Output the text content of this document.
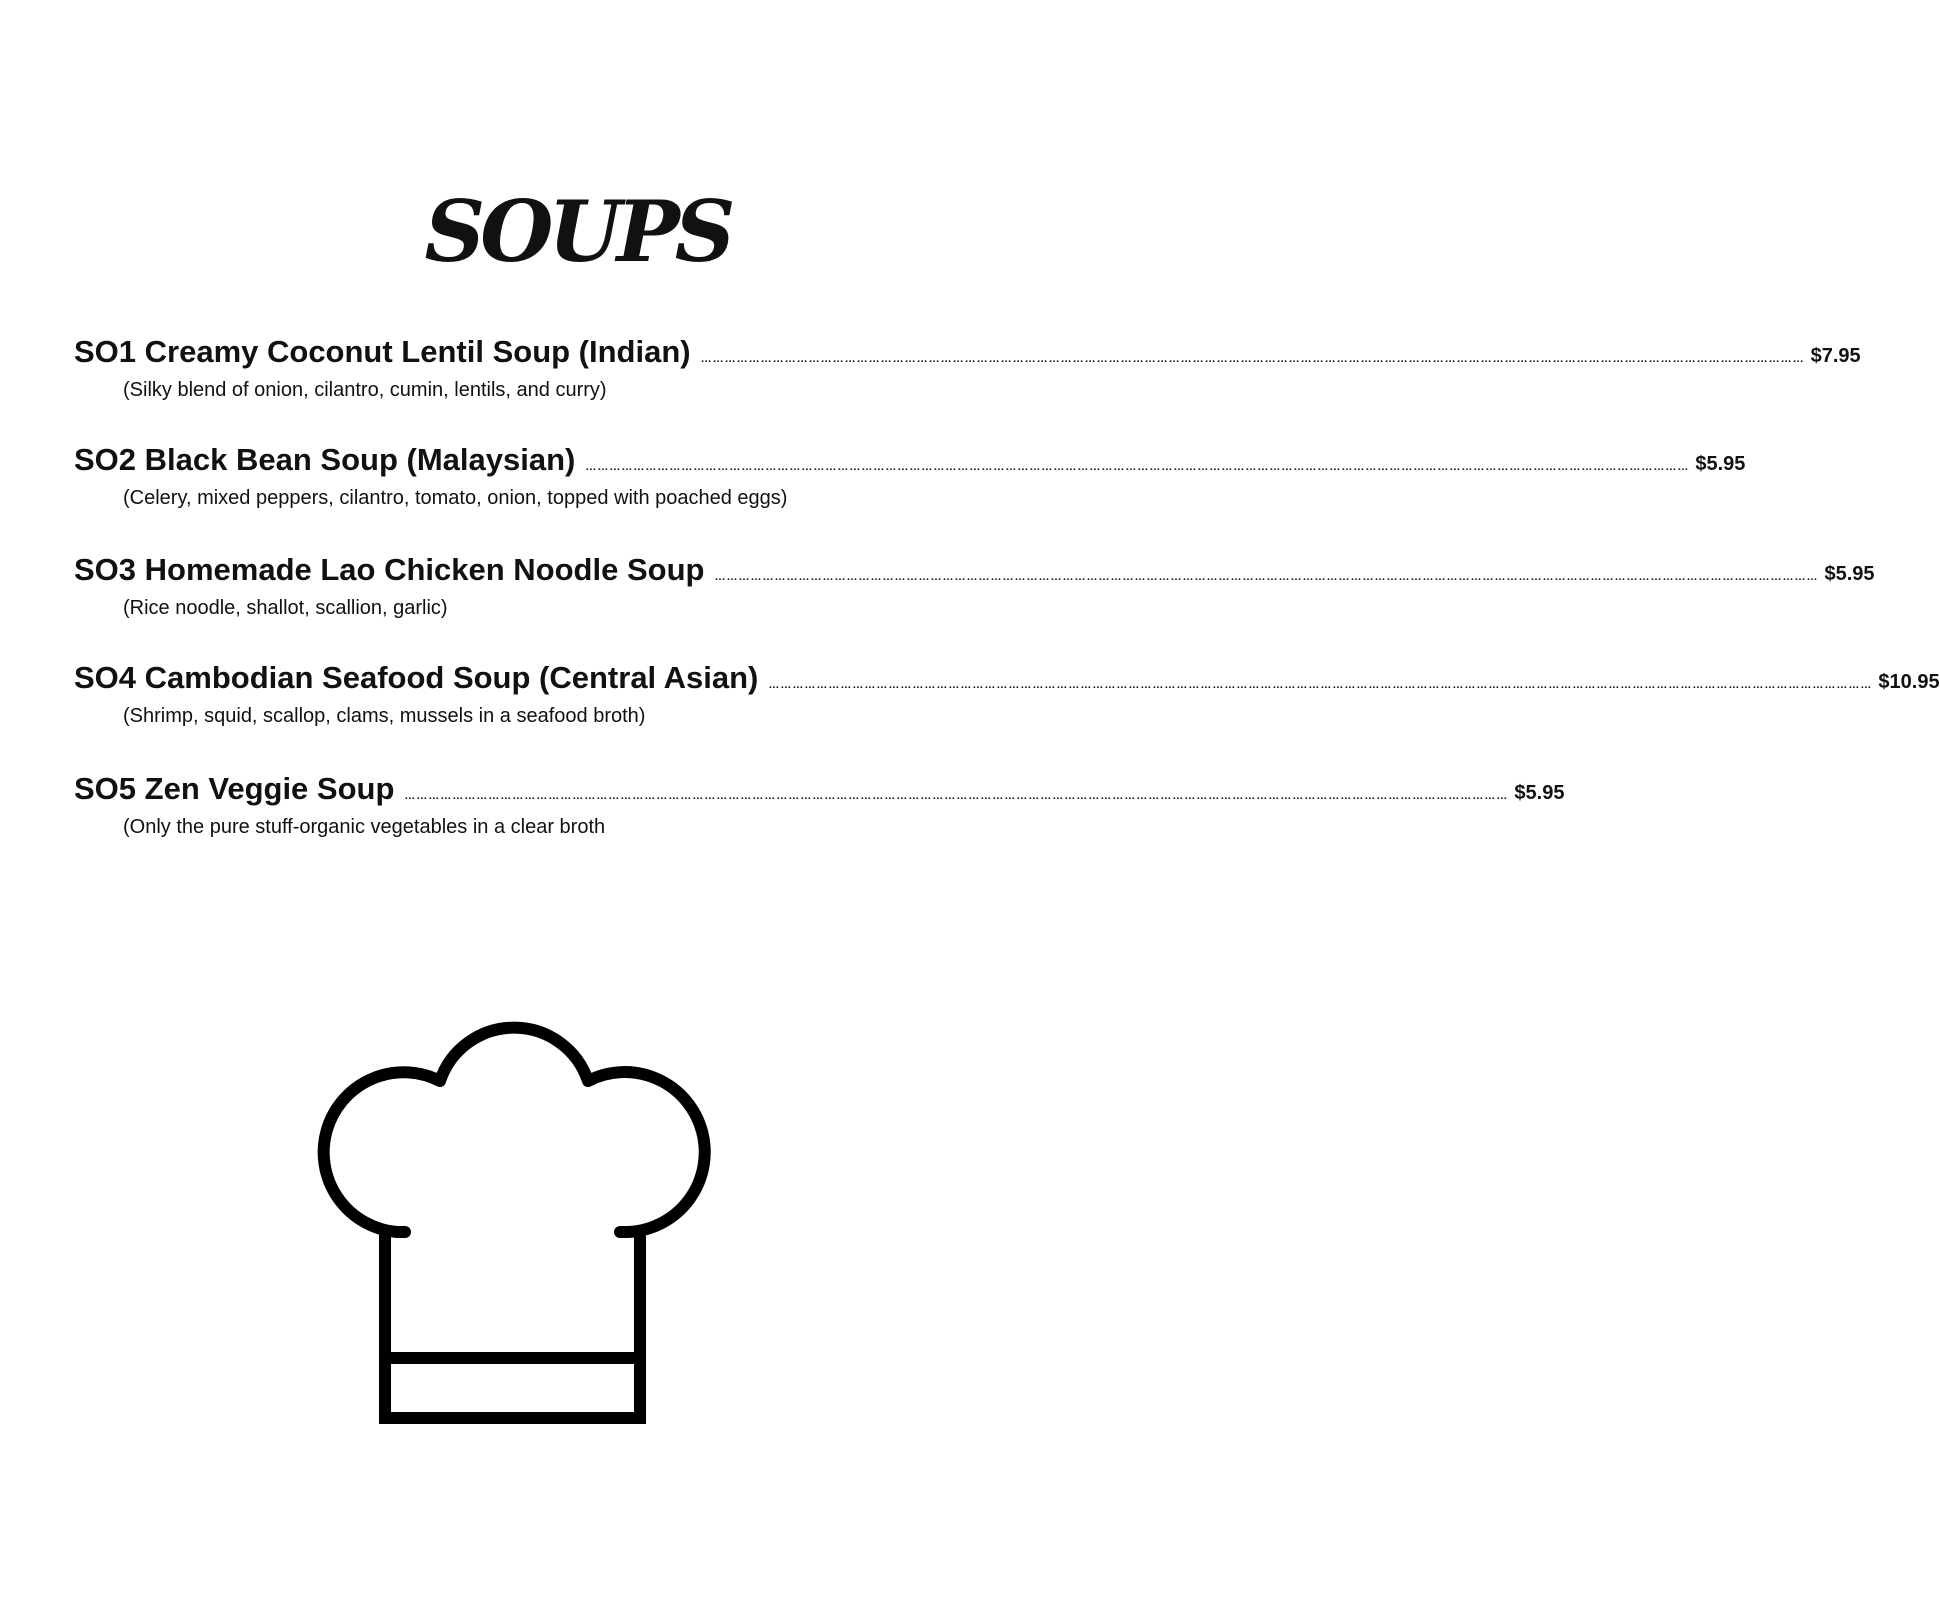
SOUPS
SO1 Creamy Coconut Lentil Soup (Indian) …………………………………………………………………………………………………………………………………………………………………………………………………………………………………………………… $7.95
(Silky blend of onion, cilantro, cumin, lentils, and curry)
SO2 Black Bean Soup (Malaysian) …………………………………………………………………………………………………………………………………………………………………………………………………………………………………………………… $5.95
(Celery, mixed peppers, cilantro, tomato, onion, topped with poached eggs)
SO3 Homemade Lao Chicken Noodle Soup …………………………………………………………………………………………………………………………………………………………………………………………………………………………………………………… $5.95
(Rice noodle, shallot, scallion, garlic)
SO4 Cambodian Seafood Soup (Central Asian) …………………………………………………………………………………………………………………………………………………………………………………………………………………………………………………… $10.95
(Shrimp, squid, scallop, clams, mussels in a seafood broth)
SO5 Zen Veggie Soup …………………………………………………………………………………………………………………………………………………………………………………………………………………………………………………… $5.95
(Only the pure stuff-organic vegetables in a clear broth
